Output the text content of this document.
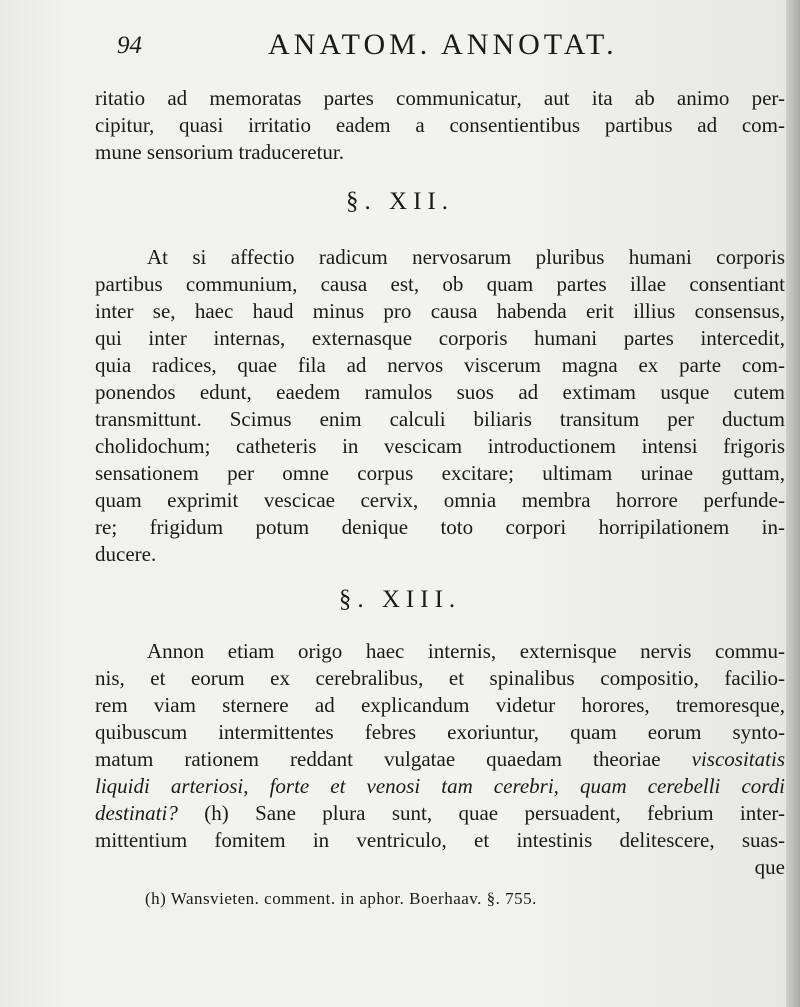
94	ANATOM. ANNOTAT.
ritatio ad memoratas partes communicatur, aut ita ab animo per-
cipitur, quasi irritatio eadem a consentientibus partibus ad com-
mune sensorium traduceretur.
§. XII.
At si affectio radicum nervosarum pluribus humani corporis
partibus communium, causa est, ob quam partes illae consentiant
inter se, haec haud minus pro causa habenda erit illius consensus,
qui inter internas, externasque corporis humani partes intercedit,
quia radices, quae fila ad nervos viscerum magna ex parte com-
ponendos edunt, eaedem ramulos suos ad extimam usque cutem
transmittunt. Scimus enim calculi biliaris transitum per ductum
cholidochum; catheteris in vescicam introductionem intensi frigoris
sensationem per omne corpus excitare; ultimam urinae guttam,
quam exprimit vescicae cervix, omnia membra horrore perfunde-
re; frigidum potum denique toto corpori horripilationem in-
ducere.
§. XIII.
Annon etiam origo haec internis, externisque nervis commu-
nis, et eorum ex cerebralibus, et spinalibus compositio, facilio-
rem viam sternere ad explicandum videtur horores, tremoresque,
quibuscum intermittentes febres exoriuntur, quam eorum synto-
matum rationem reddant vulgatae quaedam theoriae viscositatis
liquidi arteriosi, forte et venosi tam cerebri, quam cerebelli cordi
destinati? (h) Sane plura sunt, quae persuadent, febrium inter-
mittentium fomitem in ventriculo, et intestinis delitescere, suas-
que
(h) Wansvieten. comment. in aphor. Boerhaav. §. 755.
